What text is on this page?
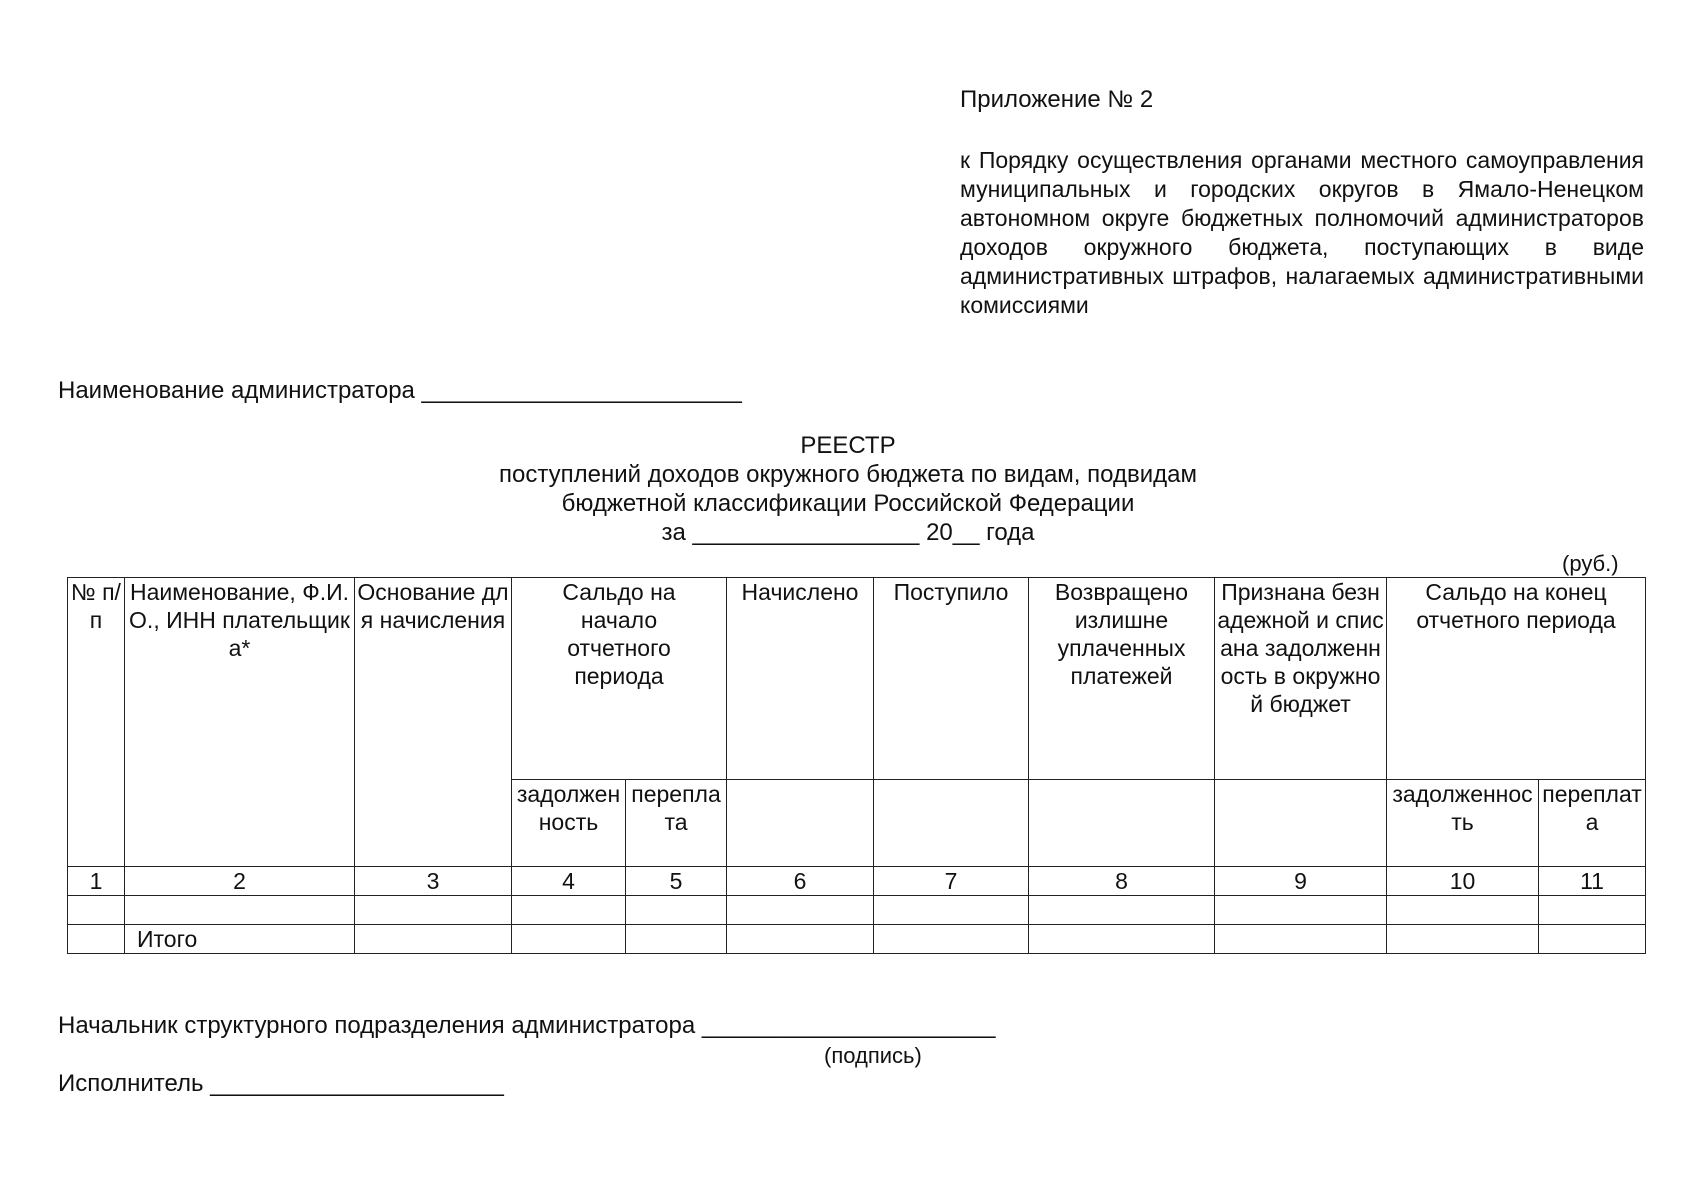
Приложение № 2
к Порядку осуществления органами местного самоуправления муниципальных и городских округов в Ямало-Ненецком автономном округе бюджетных полномочий администраторов доходов окружного бюджета, поступающих в виде административных штрафов, налагаемых административными комиссиями
Наименование администратора ________________________
РЕЕСТР
поступлений доходов окружного бюджета по видам, подвидам
бюджетной классификации Российской Федерации
за _________________ 20__ года
(руб.)
№ п/п	Наименование, Ф.И.О., ИНН плательщика*	Основание для начисления	Сальдо на начало отчетного периода		Начислено	Поступило	Возвращено излишне уплаченных платежей	Признана безнадежной и списана задолженность в окружной бюджет	Сальдо на конец отчетного периода	
			задолженность	переплата					задолженность	переплата
1	2	3	4	5	6	7	8	9	10	11

	Итого									
Начальник структурного подразделения администратора ______________________
(подпись)
Исполнитель ______________________
